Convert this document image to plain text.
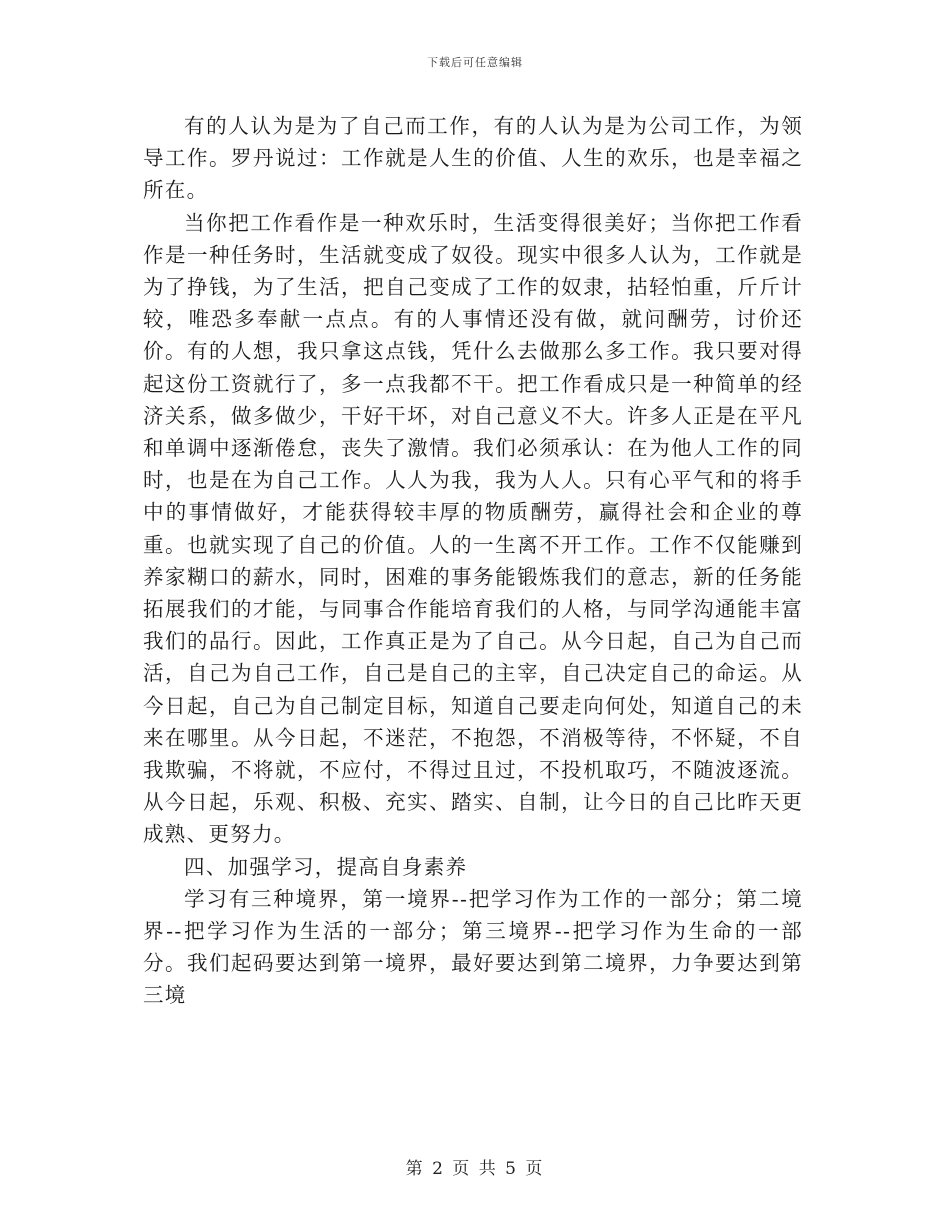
下载后可任意编辑

有的人认为是为了自己而工作，有的人认为是为公司工作，为领导工作。罗丹说过：工作就是人生的价值、人生的欢乐，也是幸福之所在。

当你把工作看作是一种欢乐时，生活变得很美好；当你把工作看作是一种任务时，生活就变成了奴役。现实中很多人认为，工作就是为了挣钱，为了生活，把自己变成了工作的奴隶，拈轻怕重，斤斤计较，唯恐多奉献一点点。有的人事情还没有做，就问酬劳，讨价还价。有的人想，我只拿这点钱，凭什么去做那么多工作。我只要对得起这份工资就行了，多一点我都不干。把工作看成只是一种简单的经济关系，做多做少，干好干坏，对自己意义不大。许多人正是在平凡和单调中逐渐倦怠，丧失了激情。我们必须承认：在为他人工作的同时，也是在为自己工作。人人为我，我为人人。只有心平气和的将手中的事情做好，才能获得较丰厚的物质酬劳，赢得社会和企业的尊重。也就实现了自己的价值。人的一生离不开工作。工作不仅能赚到养家糊口的薪水，同时，困难的事务能锻炼我们的意志，新的任务能拓展我们的才能，与同事合作能培育我们的人格，与同学沟通能丰富我们的品行。因此，工作真正是为了自己。从今日起，自己为自己而活，自己为自己工作，自己是自己的主宰，自己决定自己的命运。从今日起，自己为自己制定目标，知道自己要走向何处，知道自己的未来在哪里。从今日起，不迷茫，不抱怨，不消极等待，不怀疑，不自我欺骗，不将就，不应付，不得过且过，不投机取巧，不随波逐流。从今日起，乐观、积极、充实、踏实、自制，让今日的自己比昨天更成熟、更努力。

四、加强学习，提高自身素养

学习有三种境界，第一境界--把学习作为工作的一部分；第二境界--把学习作为生活的一部分；第三境界--把学习作为生命的一部分。我们起码要达到第一境界，最好要达到第二境界，力争要达到第三境

第 2 页 共 5 页
